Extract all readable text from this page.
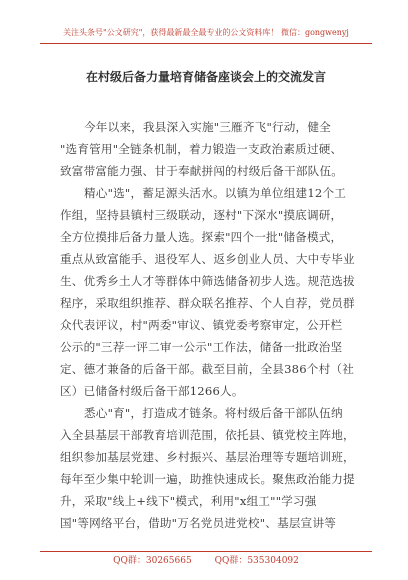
关注头条号"公文研究"，获得最新最全最专业的公文资料库！ 微信：gongwenyj
在村级后备力量培育储备座谈会上的交流发言
今年以来，我县深入实施"三雁齐飞"行动，健全
"选育管用"全链条机制，着力锻造一支政治素质过硬、
致富带富能力强、甘于奉献拼闯的村级后备干部队伍。
精心"选"，蓄足源头活水。以镇为单位组建12个工
作组，坚持县镇村三级联动，逐村"下深水"摸底调研，
全方位摸排后备力量人选。探索"四个一批"储备模式，
重点从致富能手、退役军人、返乡创业人员、大中专毕业
生、优秀乡土人才等群体中筛选储备初步人选。规范选拔
程序，采取组织推荐、群众联名推荐、个人自荐，党员群
众代表评议，村"两委"审议、镇党委考察审定，公开栏
公示的"三荐一评二审一公示"工作法，储备一批政治坚
定、德才兼备的后备干部。截至目前，全县386个村（社
区）已储备村级后备干部1266人。
悉心"育"，打造成才链条。将村级后备干部队伍纳
入全县基层干部教育培训范围，依托县、镇党校主阵地，
组织参加基层党建、乡村振兴、基层治理等专题培训班，
每年至少集中轮训一遍，助推快速成长。聚焦政治能力提
升，采取"线上+线下"模式，利用"x组工""学习强
国"等网络平台，借助"万名党员进党校"、基层宣讲等
QQ群：30265665	QQ群：535304092
